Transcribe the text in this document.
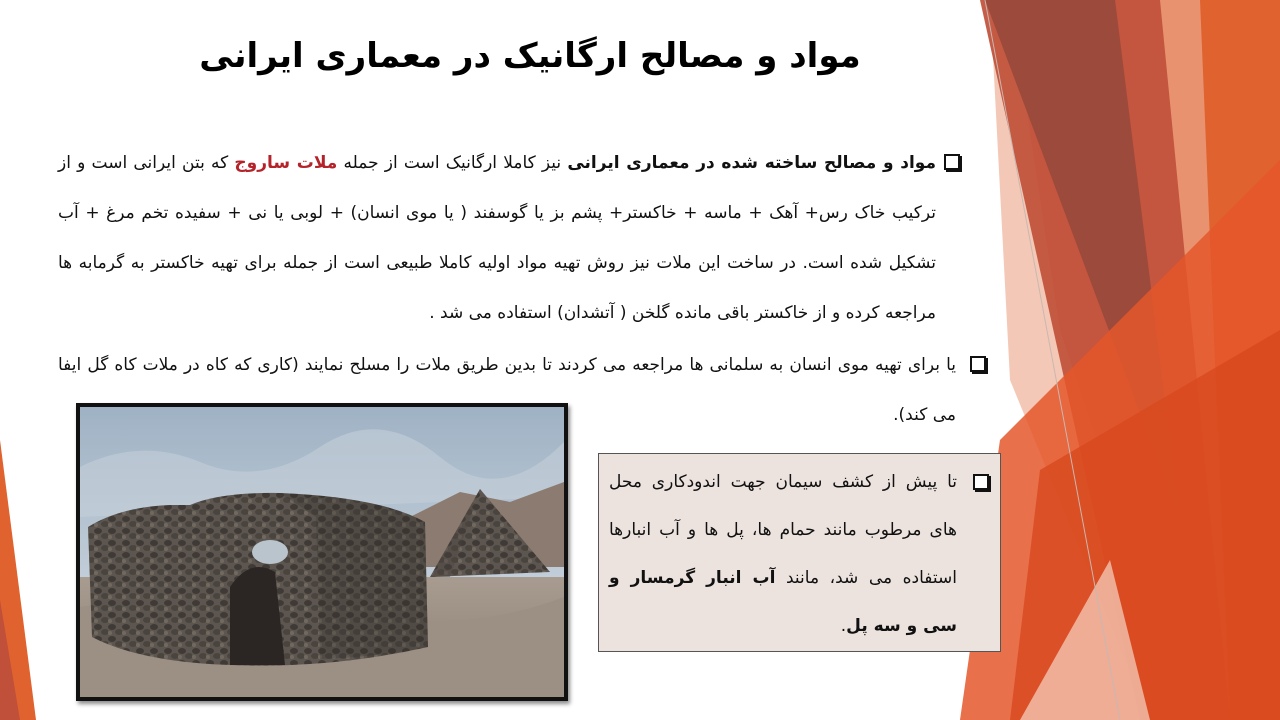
مواد و مصالح ارگانیک در معماری ایرانی

مواد و مصالح ساخته شده در معماری ایرانی نیز کاملا ارگانیک است از جمله ملات ساروج که بتن ایرانی است و از ترکیب خاک رس+ آهک + ماسه + خاکستر+ پشم بز یا گوسفند ( یا موی انسان) + لوبی یا نی + سفیده تخم مرغ + آب تشکیل شده است. در ساخت این ملات نیز روش تهیه مواد اولیه کاملا طبیعی است از جمله برای تهیه خاکستر به گرمابه ها مراجعه کرده و از خاکستر باقی مانده گلخن ( آتشدان) استفاده می شد .

یا برای تهیه موی انسان به سلمانی ها مراجعه می کردند تا بدین طریق ملات را مسلح نمایند (کاری که کاه در ملات کاه گل ایفا می کند).

تا پیش از کشف سیمان جهت اندودکاری محل های مرطوب مانند حمام ها، پل ها و آب انبارها استفاده می شد، مانند آب انبار گرمسار و سی و سه پل.
